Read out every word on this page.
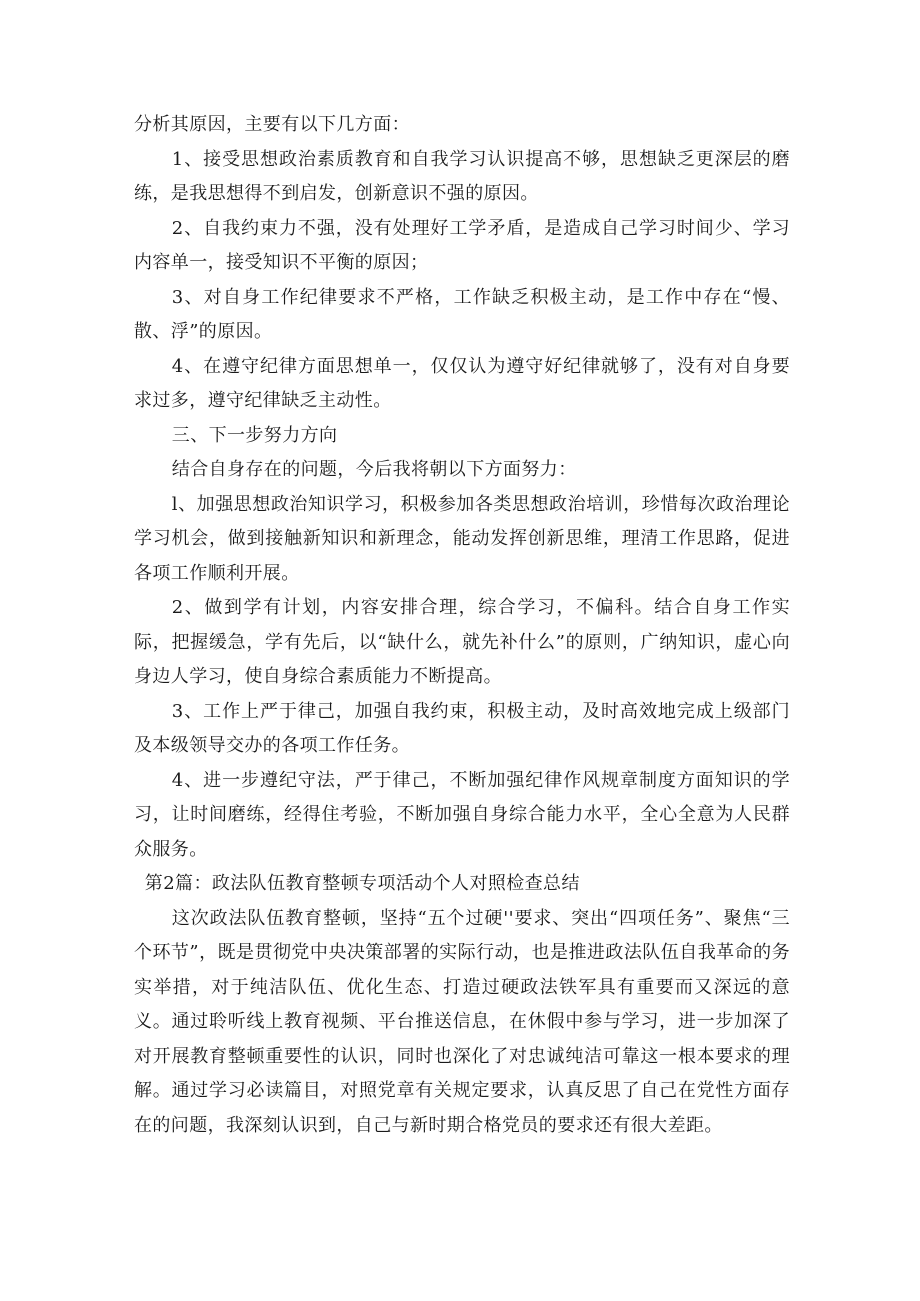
分析其原因，主要有以下几方面：

1、接受思想政治素质教育和自我学习认识提高不够，思想缺乏更深层的磨练，是我思想得不到启发，创新意识不强的原因。

2、自我约束力不强，没有处理好工学矛盾，是造成自己学习时间少、学习内容单一，接受知识不平衡的原因；

3、对自身工作纪律要求不严格，工作缺乏积极主动，是工作中存在“慢、散、浮”的原因。

4、在遵守纪律方面思想单一，仅仅认为遵守好纪律就够了，没有对自身要求过多，遵守纪律缺乏主动性。

三、下一步努力方向

结合自身存在的问题，今后我将朝以下方面努力：

l、加强思想政治知识学习，积极参加各类思想政治培训，珍惜每次政治理论学习机会，做到接触新知识和新理念，能动发挥创新思维，理清工作思路，促进各项工作顺利开展。

2、做到学有计划，内容安排合理，综合学习，不偏科。结合自身工作实际，把握缓急，学有先后，以“缺什么，就先补什么”的原则，广纳知识，虚心向身边人学习，使自身综合素质能力不断提高。

3、工作上严于律己，加强自我约束，积极主动，及时高效地完成上级部门及本级领导交办的各项工作任务。

4、进一步遵纪守法，严于律己，不断加强纪律作风规章制度方面知识的学习，让时间磨练，经得住考验，不断加强自身综合能力水平，全心全意为人民群众服务。

第2篇：政法队伍教育整顿专项活动个人对照检查总结

这次政法队伍教育整顿，坚持“五个过硬''要求、突出“四项任务”、聚焦“三个环节”，既是贯彻党中央决策部署的实际行动，也是推进政法队伍自我革命的务实举措，对于纯洁队伍、优化生态、打造过硬政法铁军具有重要而又深远的意义。通过聆听线上教育视频、平台推送信息，在休假中参与学习，进一步加深了对开展教育整顿重要性的认识，同时也深化了对忠诚纯洁可靠这一根本要求的理解。通过学习必读篇目，对照党章有关规定要求，认真反思了自己在党性方面存在的问题，我深刻认识到，自己与新时期合格党员的要求还有很大差距。
